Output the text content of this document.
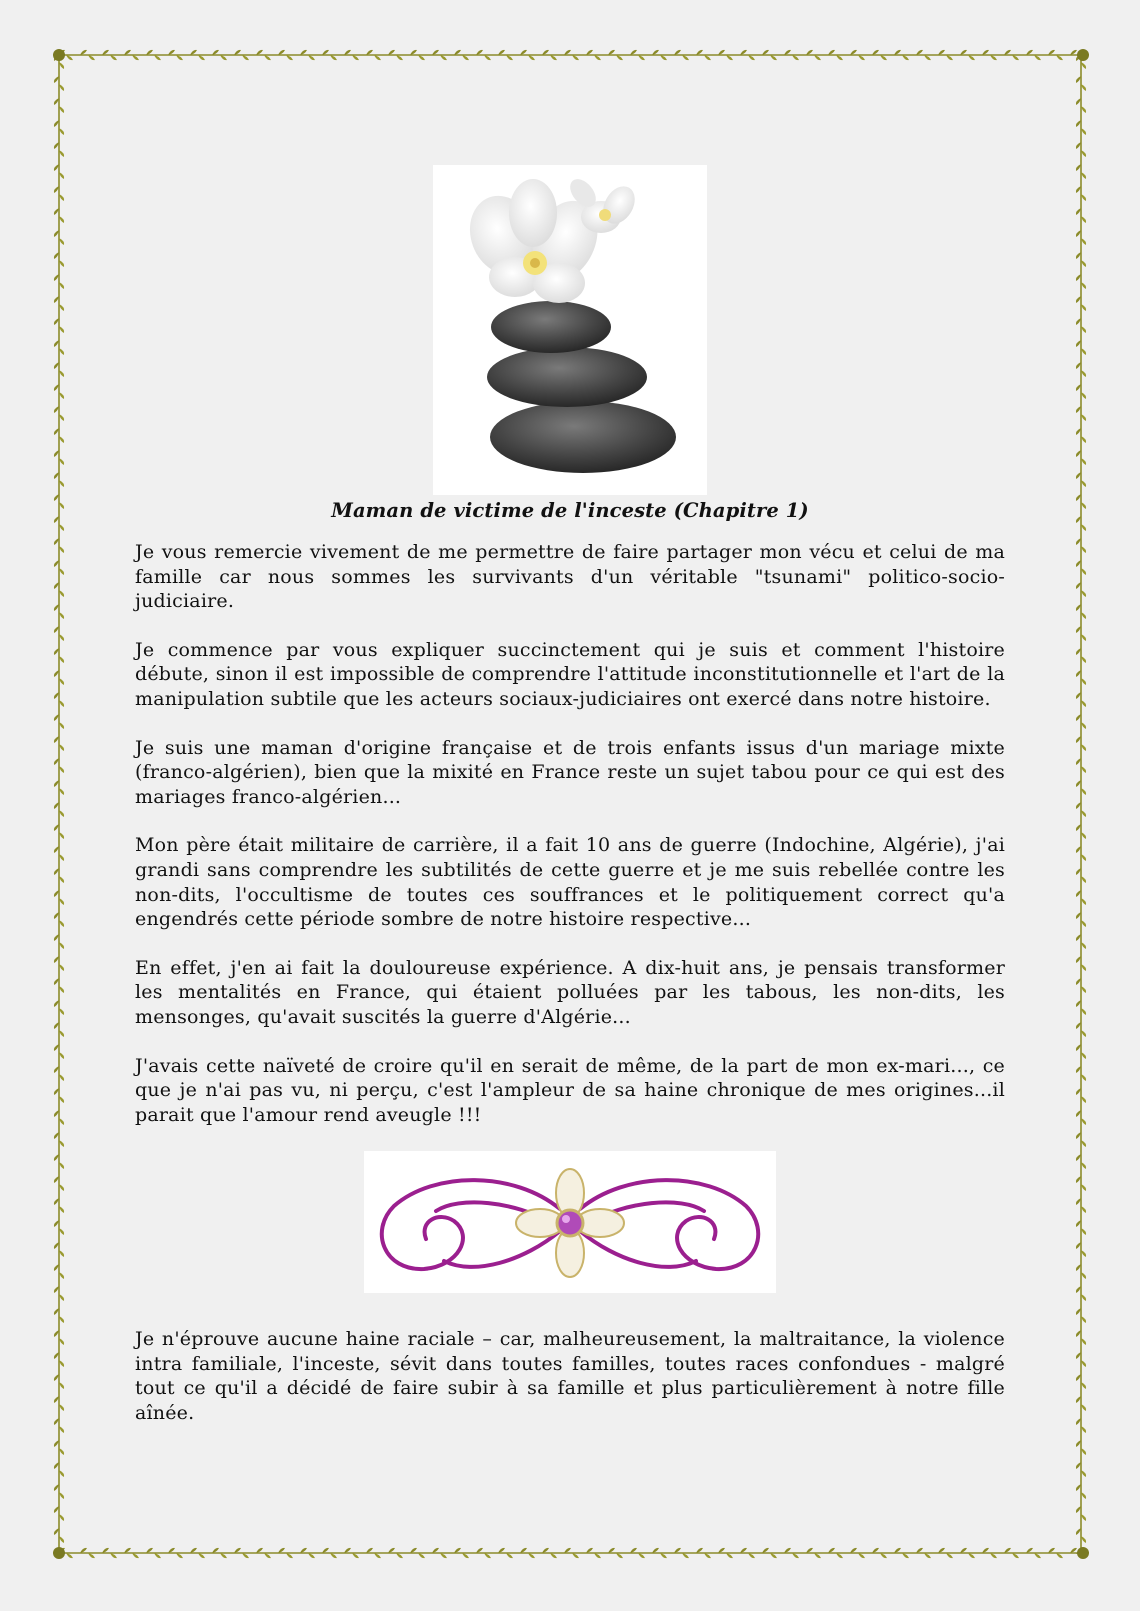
Maman de victime de l'inceste (Chapitre 1)

Je vous remercie vivement de me permettre de faire partager mon vécu et celui de ma famille car nous sommes les survivants d'un véritable "tsunami" politico-socio-judiciaire.

Je commence par vous expliquer succinctement qui je suis et comment l'histoire débute, sinon il est impossible de comprendre l'attitude inconstitutionnelle et l'art de la manipulation subtile que les acteurs sociaux-judiciaires ont exercé dans notre histoire.

Je suis une maman d'origine française et de trois enfants issus d'un mariage mixte (franco-algérien), bien que la mixité en France reste un sujet tabou pour ce qui est des mariages franco-algérien...

Mon père était militaire de carrière, il a fait 10 ans de guerre (Indochine, Algérie), j'ai grandi sans comprendre les subtilités de cette guerre et je me suis rebellée contre les non-dits, l'occultisme de toutes ces souffrances et le politiquement correct qu'a engendrés cette période sombre de notre histoire respective...

En effet, j'en ai fait la douloureuse expérience. A dix-huit ans, je pensais transformer les mentalités en France, qui étaient polluées par les tabous, les non-dits, les mensonges, qu'avait suscités la guerre d'Algérie...

J'avais cette naïveté de croire qu'il en serait de même, de la part de mon ex-mari..., ce que je n'ai pas vu, ni perçu, c'est l'ampleur de sa haine chronique de mes origines...il parait que l'amour rend aveugle !!!

Je n'éprouve aucune haine raciale – car, malheureusement, la maltraitance, la violence intra familiale, l'inceste, sévit dans toutes familles, toutes races confondues - malgré tout ce qu'il a décidé de faire subir à sa famille et plus particulièrement à notre fille aînée.
